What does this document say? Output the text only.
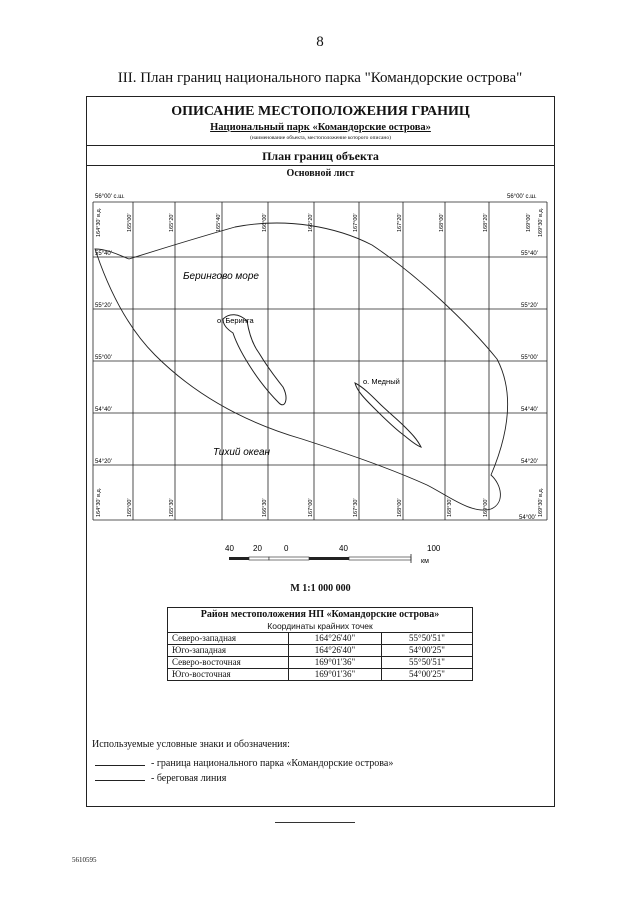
8
III. План границ национального парка "Командорские острова"
ОПИСАНИЕ МЕСТОПОЛОЖЕНИЯ ГРАНИЦ
Национальный парк «Командорские острова»
(наименование объекта, местоположение которого описано)
План границ объекта
Основной лист
56°00' с.ш.	56°00' с.ш.
54°00'
164°30' в.д.	169°30' в.д.
164°30' в.д.	169°30' в.д.
165°00'	165°20'	165°40'	166°00'	166°20'	167°00'	167°20'	168°00'	168°20'	169°00'
165°00'	165°30'	166°30'	167°00'	167°30'	168°00'	168°30'	169°00'
55°40'
55°20'
55°00'
54°40'
54°20'
55°40'
55°20'
55°00'
54°40'
54°20'
Берингово море
Тихий океан
о. Беринга
о. Медный
40 20	0	40	100
км
М 1:1 000 000
Район местоположения НП «Командорские острова»		
Координаты крайних точек		
Северо-западная	164°26'40"	55°50'51"
Юго-западная	164°26'40"	54°00'25"
Северо-восточная	169°01'36"	55°50'51"
Юго-восточная	169°01'36"	54°00'25"
Используемые условные знаки и обозначения:
- граница национального парка «Командорские острова»
- береговая линия
5610595
